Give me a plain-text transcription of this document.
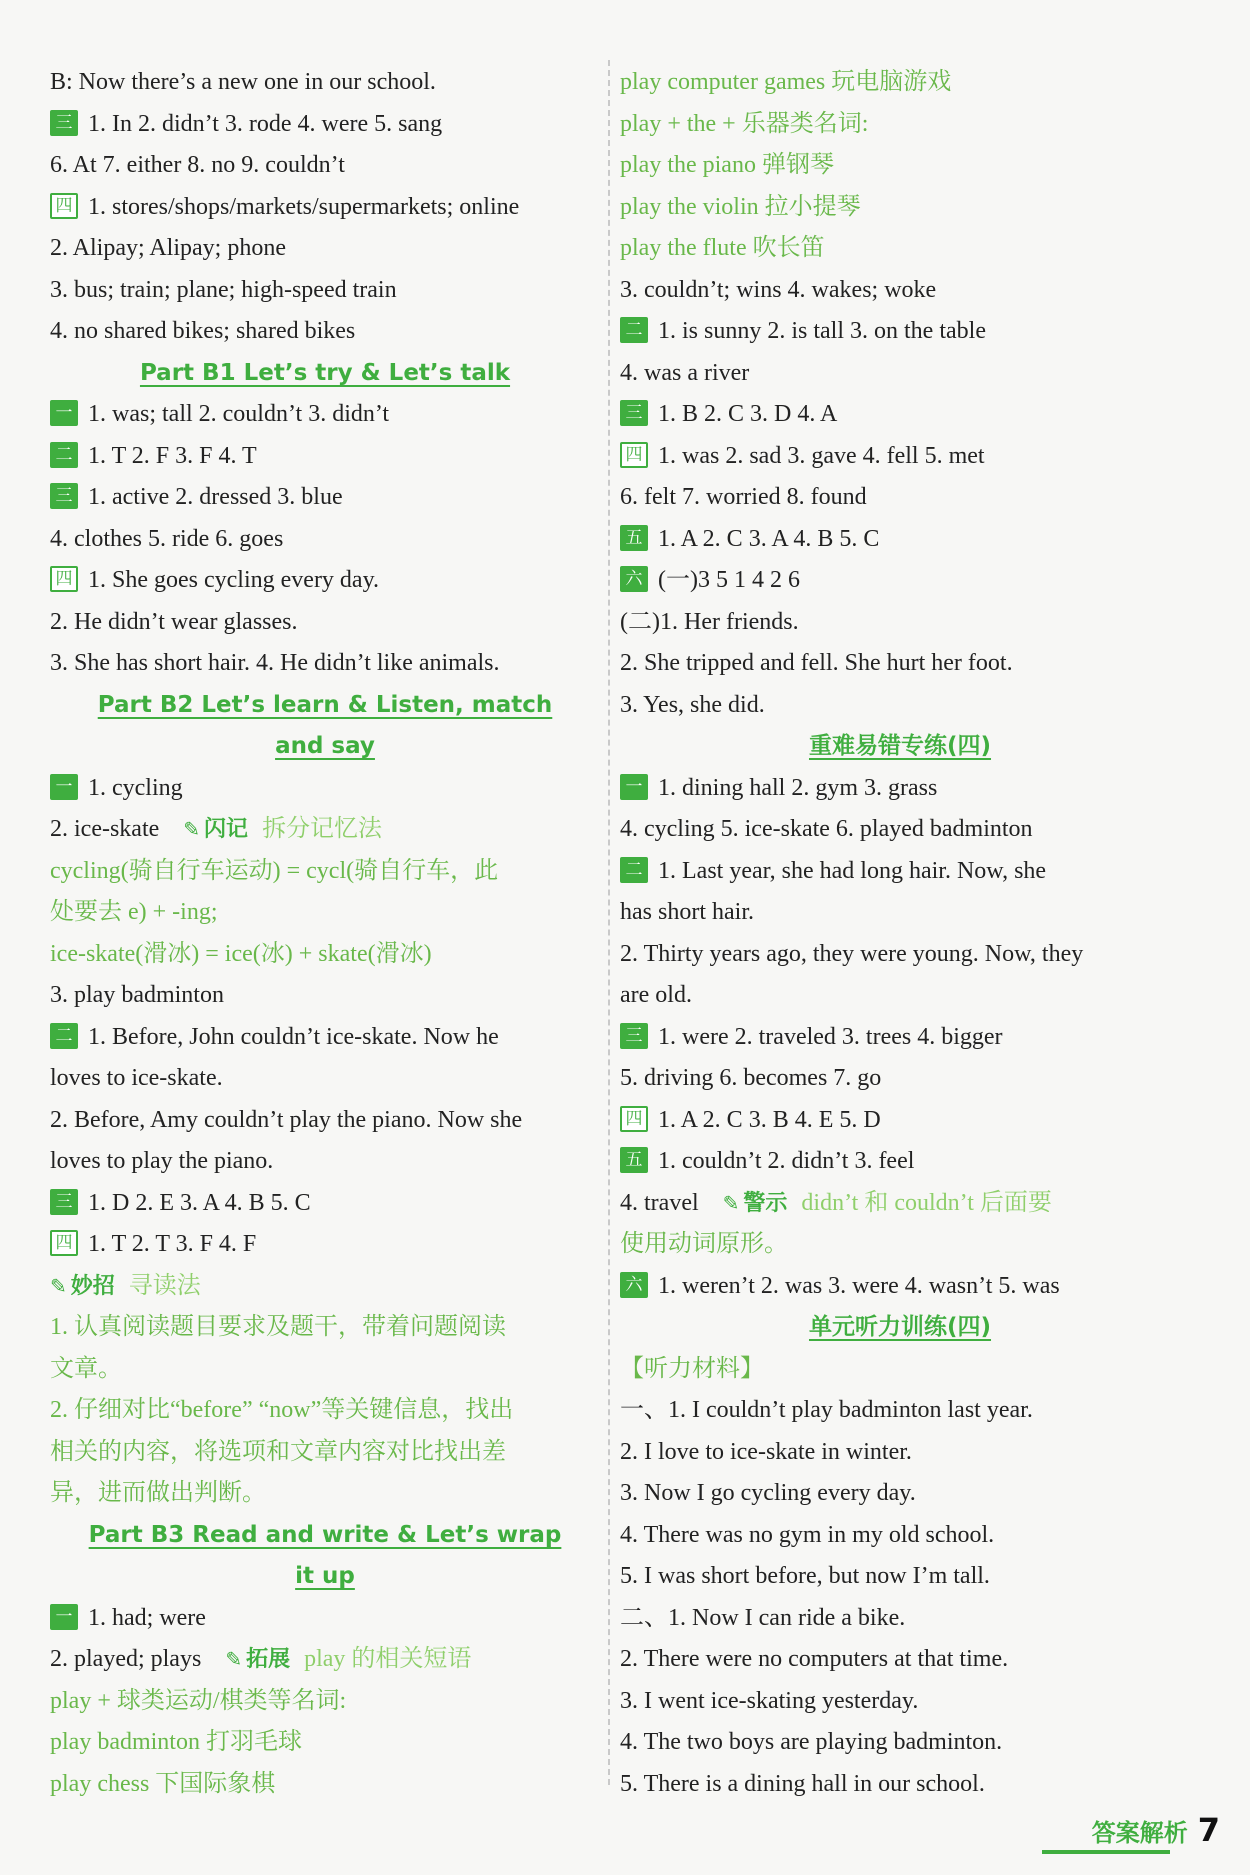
B: Now there’s a new one in our school.
三 1. In 2. didn’t 3. rode 4. were 5. sang
6. At 7. either 8. no 9. couldn’t
四 1. stores/shops/markets/supermarkets; online
2. Alipay; Alipay; phone
3. bus; train; plane; high-speed train
4. no shared bikes; shared bikes
Part B1 Let’s try & Let’s talk
一 1. was; tall 2. couldn’t 3. didn’t
二 1. T 2. F 3. F 4. T
三 1. active 2. dressed 3. blue
4. clothes 5. ride 6. goes
四 1. She goes cycling every day.
2. He didn’t wear glasses.
3. She has short hair. 4. He didn’t like animals.
Part B2 Let’s learn & Listen, match
and say
一 1. cycling
2. ice-skate ✎ 闪记 拆分记忆法
cycling(骑自行车运动) = cycl(骑自行车，此
处要去 e) + -ing;
ice-skate(滑冰) = ice(冰) + skate(滑冰)
3. play badminton
二 1. Before, John couldn’t ice-skate. Now he
loves to ice-skate.
2. Before, Amy couldn’t play the piano. Now she
loves to play the piano.
三 1. D 2. E 3. A 4. B 5. C
四 1. T 2. T 3. F 4. F
✎ 妙招 寻读法
1. 认真阅读题目要求及题干，带着问题阅读
文章。
2. 仔细对比“before” “now”等关键信息，找出
相关的内容，将选项和文章内容对比找出差
异，进而做出判断。
Part B3 Read and write & Let’s wrap
it up
一 1. had; were
2. played; plays ✎ 拓展 play 的相关短语
play + 球类运动/棋类等名词:
play badminton 打羽毛球
play chess 下国际象棋
play computer games 玩电脑游戏
play + the + 乐器类名词:
play the piano 弹钢琴
play the violin 拉小提琴
play the flute 吹长笛
3. couldn’t; wins 4. wakes; woke
二 1. is sunny 2. is tall 3. on the table
4. was a river
三 1. B 2. C 3. D 4. A
四 1. was 2. sad 3. gave 4. fell 5. met
6. felt 7. worried 8. found
五 1. A 2. C 3. A 4. B 5. C
六 (一)3 5 1 4 2 6
(二)1. Her friends.
2. She tripped and fell. She hurt her foot.
3. Yes, she did.
重难易错专练(四)
一 1. dining hall 2. gym 3. grass
4. cycling 5. ice-skate 6. played badminton
二 1. Last year, she had long hair. Now, she
has short hair.
2. Thirty years ago, they were young. Now, they
are old.
三 1. were 2. traveled 3. trees 4. bigger
5. driving 6. becomes 7. go
四 1. A 2. C 3. B 4. E 5. D
五 1. couldn’t 2. didn’t 3. feel
4. travel ✎ 警示 didn’t 和 couldn’t 后面要
使用动词原形。
六 1. weren’t 2. was 3. were 4. wasn’t 5. was
单元听力训练(四)
【听力材料】
一、1. I couldn’t play badminton last year.
2. I love to ice-skate in winter.
3. Now I go cycling every day.
4. There was no gym in my old school.
5. I was short before, but now I’m tall.
二、1. Now I can ride a bike.
2. There were no computers at that time.
3. I went ice-skating yesterday.
4. The two boys are playing badminton.
5. There is a dining hall in our school.
答案解析 7
